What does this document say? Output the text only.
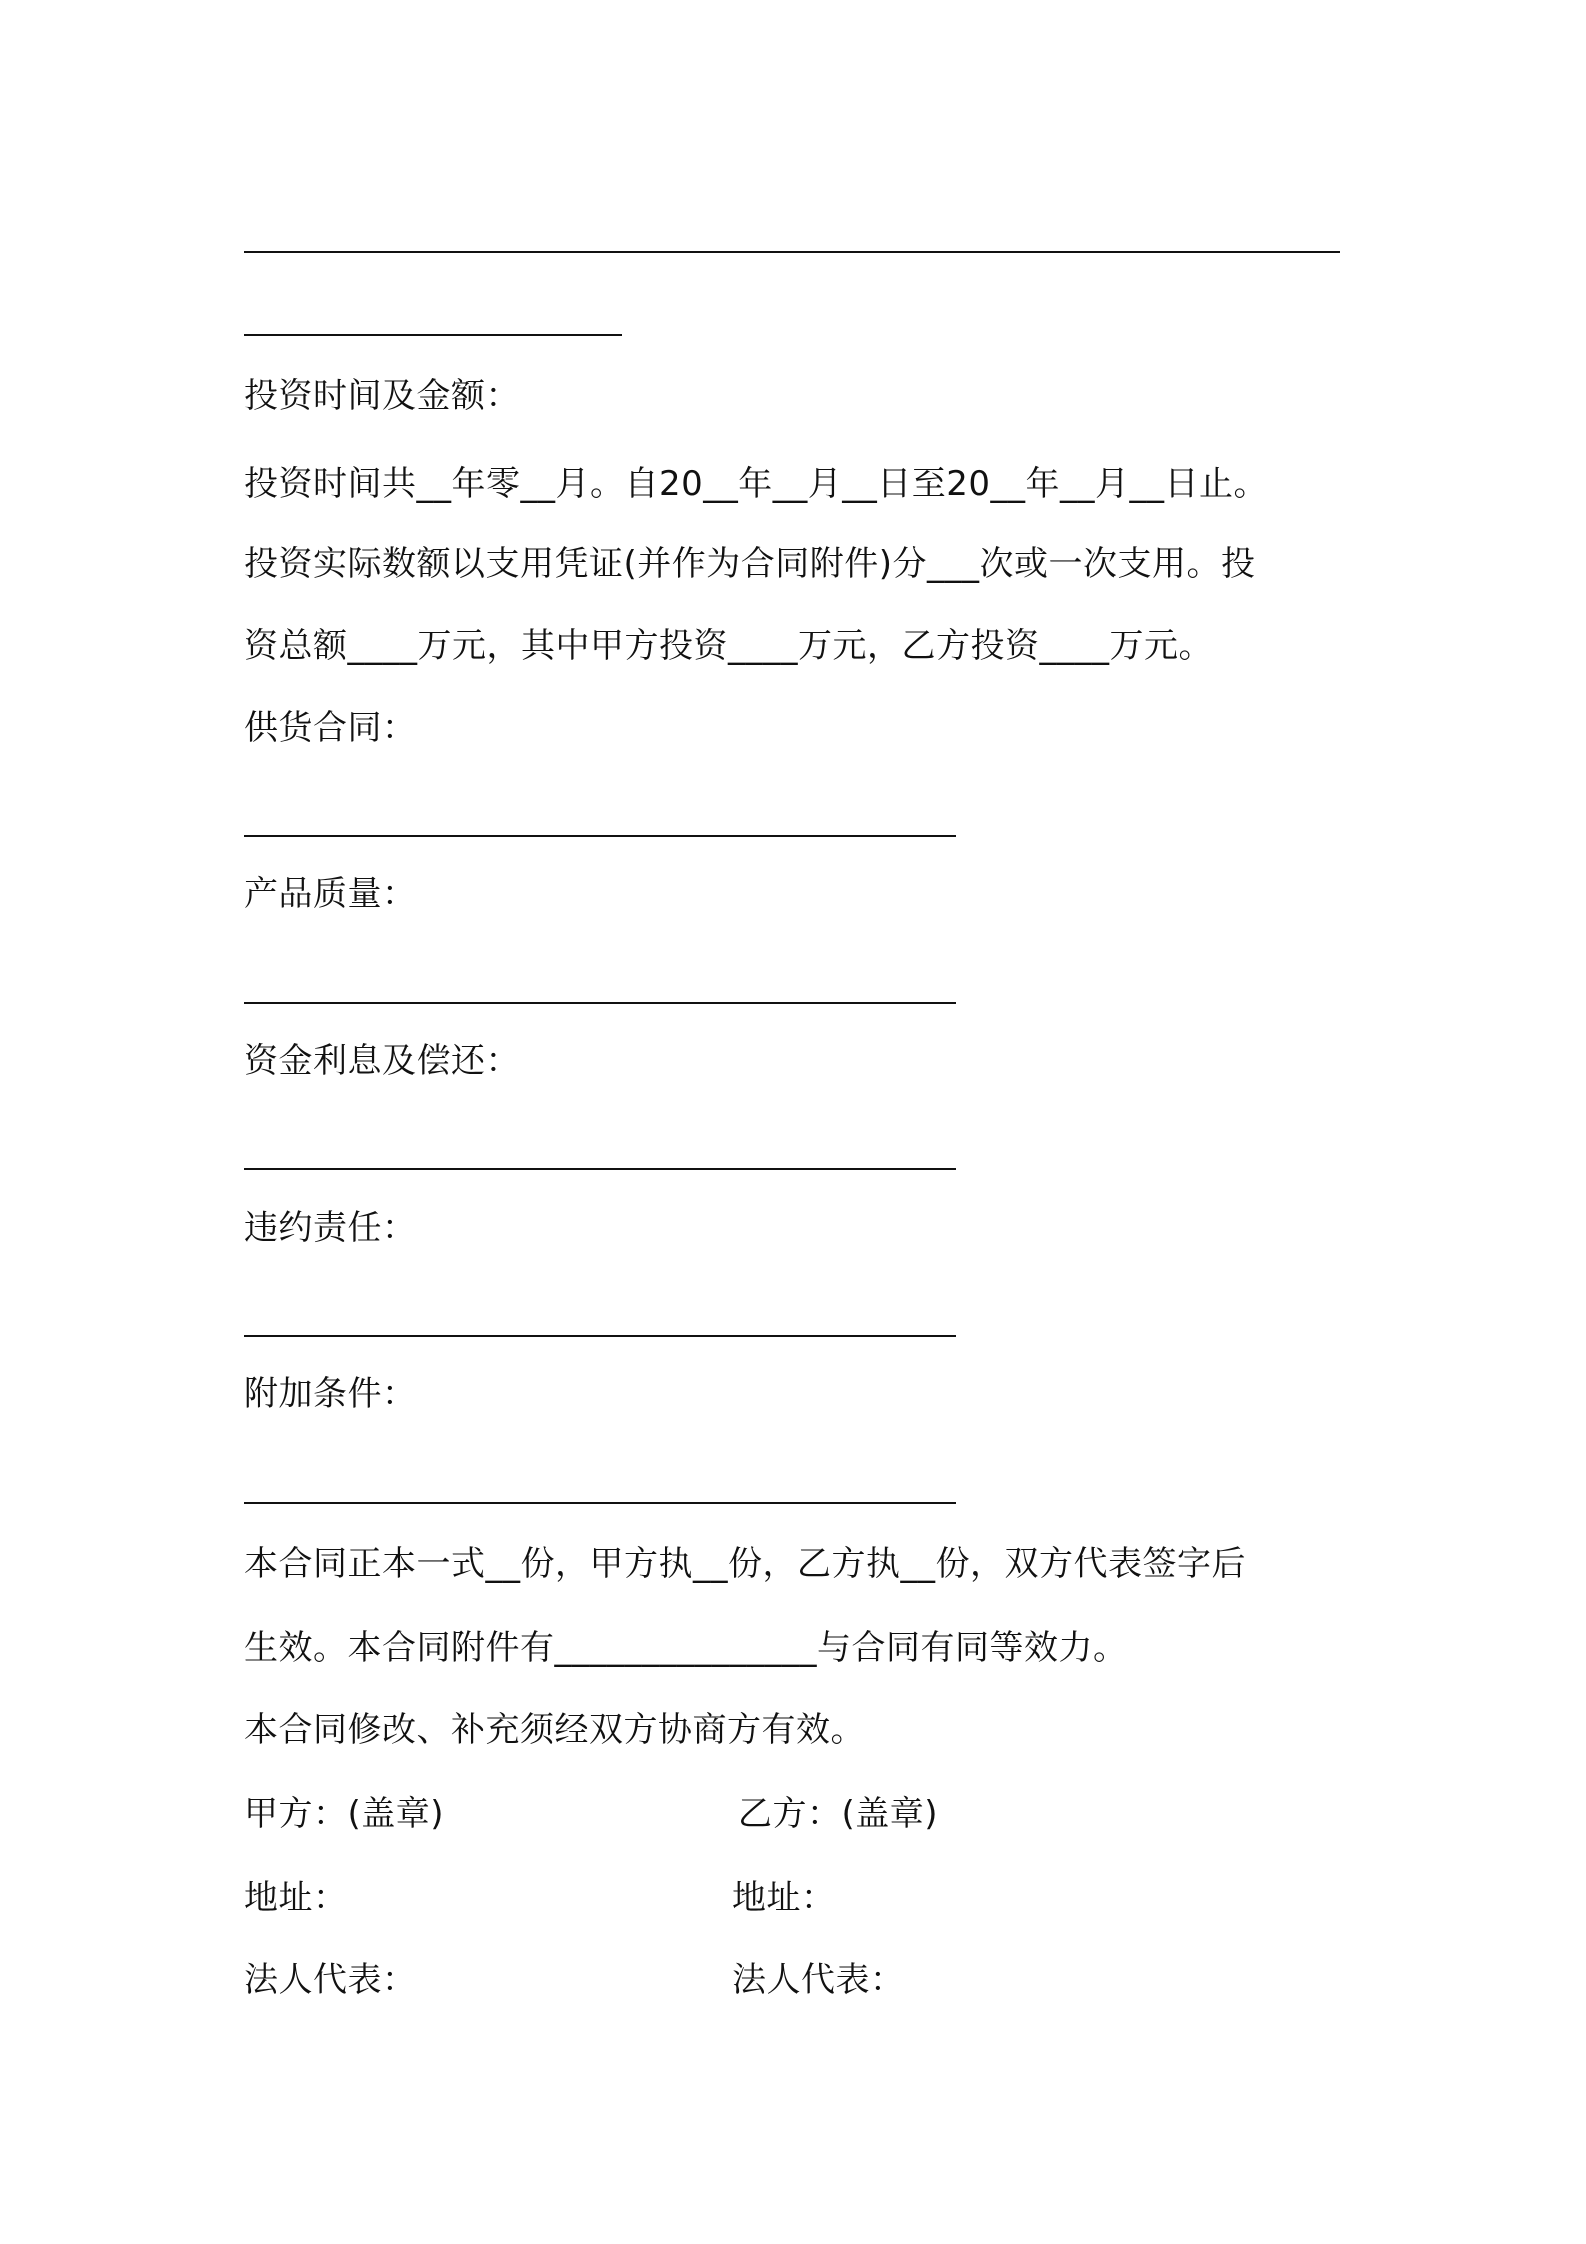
投资时间及金额：
投资时间共__年零__月。自20__年__月__日至20__年__月__日止。
投资实际数额以支用凭证(并作为合同附件)分___次或一次支用。投
资总额____万元，其中甲方投资____万元，乙方投资____万元。
供货合同：
产品质量：
资金利息及偿还：
违约责任：
附加条件：
本合同正本一式__份，甲方执__份，乙方执__份，双方代表签字后
生效。本合同附件有_______________与合同有同等效力。
本合同修改、补充须经双方协商方有效。
甲方：(盖章)	乙方：(盖章)
地址：	地址：
法人代表：	法人代表：
